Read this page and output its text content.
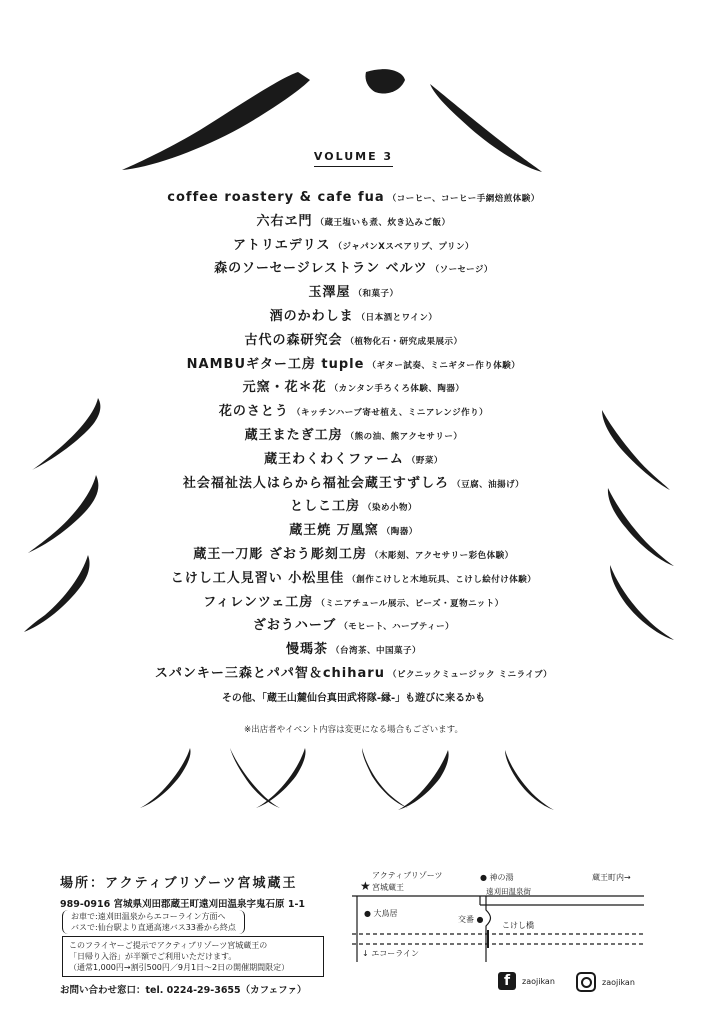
VOLUME 3
coffee roastery & cafe fua （コーヒー、コーヒー手網焙煎体験）
六右ヱ門 （蔵王塩いも煮、炊き込みご飯）
アトリエデリス （ジャパンXスペアリブ、プリン）
森のソーセージレストラン ベルツ （ソーセージ）
玉澤屋 （和菓子）
酒のかわしま （日本酒とワイン）
古代の森研究会 （植物化石・研究成果展示）
NAMBUギター工房 tuple （ギター試奏、ミニギター作り体験）
元窯・花＊花 （カンタン手ろくろ体験、陶器）
花のさとう （キッチンハーブ寄せ植え、ミニアレンジ作り）
蔵王またぎ工房 （熊の油、熊アクセサリー）
蔵王わくわくファーム （野菜）
社会福祉法人はらから福祉会蔵王すずしろ （豆腐、油揚げ）
としこ工房 （染め小物）
蔵王焼 万凰窯 （陶器）
蔵王一刀彫 ざおう彫刻工房 （木彫刻、アクセサリー彩色体験）
こけし工人見習い 小松里佳 （創作こけしと木地玩具、こけし絵付け体験）
フィレンツェ工房 （ミニアチュール展示、ビーズ・夏物ニット）
ざおうハーブ （モヒート、ハーブティー）
慢瑪茶 （台湾茶、中国菓子）
スパンキー三森とパパ智＆chiharu （ピクニックミュージック ミニライブ）
その他、「蔵王山麓仙台真田武将隊-縁-」も遊びに来るかも
※出店者やイベント内容は変更になる場合もございます。
場所：アクティブリゾーツ宮城蔵王
989-0916 宮城県刈田郡蔵王町遠刈田温泉字鬼石原 1-1
お車で:遠刈田温泉からエコーライン方面へ
バスで:仙台駅より直通高速バス33番から終点
このフライヤーご提示でアクティブリゾーツ宮城蔵王の
「日帰り入浴」が半額でご利用いただけます。
（通常1,000円→割引500円／9月1日～2日の開催期間限定）
お問い合わせ窓口：tel. 0224-29-3655（カフェファ）
アクティブリゾーツ
★ 宮城蔵王
● 神の湯	蔵王町内→
遠刈田温泉街
● 大鳥居
交番 ●
こけし橋
↓ エコーライン
f	zaojikan	zaojikan
